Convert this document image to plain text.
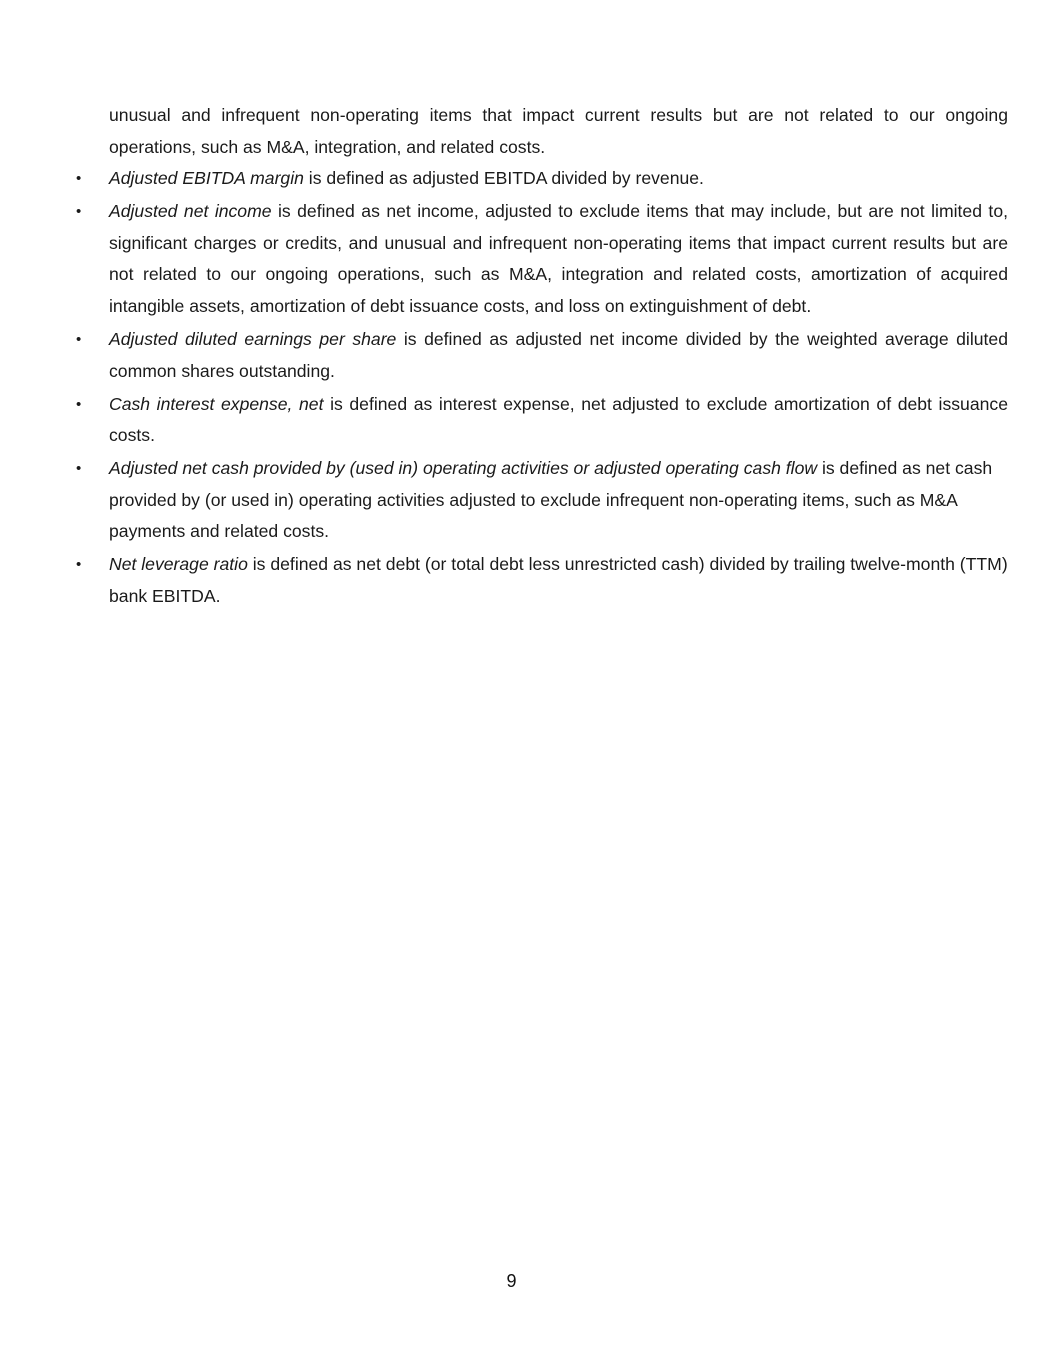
unusual and infrequent non-operating items that impact current results but are not related to our ongoing operations, such as M&A, integration, and related costs.

• Adjusted EBITDA margin is defined as adjusted EBITDA divided by revenue.

• Adjusted net income is defined as net income, adjusted to exclude items that may include, but are not limited to, significant charges or credits, and unusual and infrequent non-operating items that impact current results but are not related to our ongoing operations, such as M&A, integration and related costs, amortization of acquired intangible assets, amortization of debt issuance costs, and loss on extinguishment of debt.

• Adjusted diluted earnings per share is defined as adjusted net income divided by the weighted average diluted common shares outstanding.

• Cash interest expense, net is defined as interest expense, net adjusted to exclude amortization of debt issuance costs.

• Adjusted net cash provided by (used in) operating activities or adjusted operating cash flow is defined as net cash provided by (or used in) operating activities adjusted to exclude infrequent non-operating items, such as M&A payments and related costs.

• Net leverage ratio is defined as net debt (or total debt less unrestricted cash) divided by trailing twelve-month (TTM) bank EBITDA.

9
